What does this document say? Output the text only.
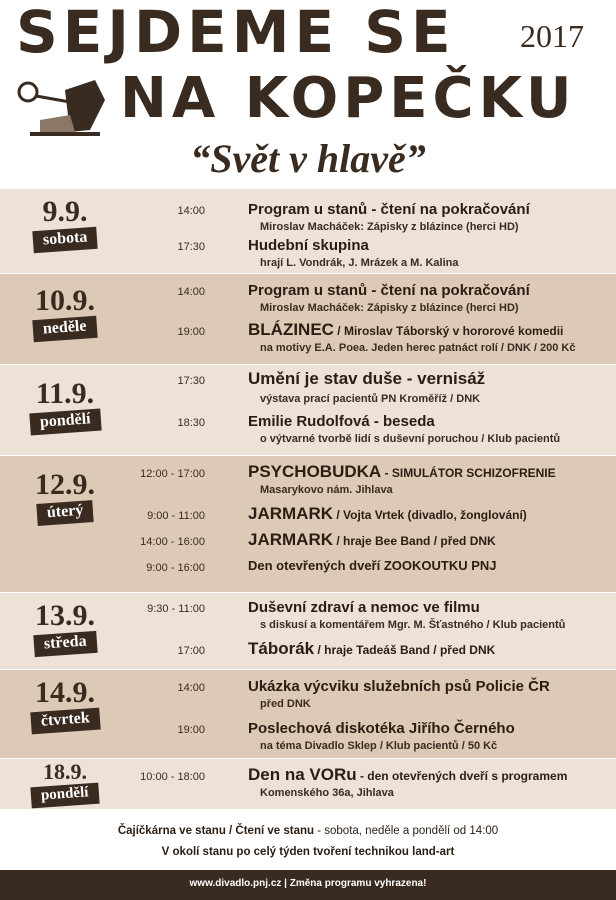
SEJDEME SE 2017
NA KOPEČKU
“Svět v hlavě”
9.9.
sobota
14:00	Program u stanů - čtení na pokračování
Miroslav Macháček: Zápisky z blázince (herci HD)
17:30	Hudební skupina
hrají L. Vondrák, J. Mrázek a M. Kalina
10.9.
neděle
14:00	Program u stanů - čtení na pokračování
Miroslav Macháček: Zápisky z blázince (herci HD)
19:00	BLÁZINEC / Miroslav Táborský v hororové komedii
na motivy E.A. Poea. Jeden herec patnáct rolí / DNK / 200 Kč
11.9.
pondělí
17:30	Umění je stav duše - vernisáž
výstava prací pacientů PN Kroměříž / DNK
18:30	Emilie Rudolfová - beseda
o výtvarné tvorbě lidí s duševní poruchou / Klub pacientů
12.9.
úterý
12:00 - 17:00	PSYCHOBUDKA - SIMULÁTOR SCHIZOFRENIE
Masarykovo nám. Jihlava
9:00 - 11:00	JARMARK / Vojta Vrtek (divadlo, žonglování)
14:00 - 16:00	JARMARK / hraje Bee Band / před DNK
9:00 - 16:00	Den otevřených dveří ZOOKOUTKU PNJ
13.9.
středa
9:30 - 11:00	Duševní zdraví a nemoc ve filmu
s diskusí a komentářem Mgr. M. Šťastného / Klub pacientů
17:00	Táborák / hraje Tadeáš Band / před DNK
14.9.
čtvrtek
14:00	Ukázka výcviku služebních psů Policie ČR
před DNK
19:00	Poslechová diskotéka Jiřího Černého
na téma Divadlo Sklep / Klub pacientů / 50 Kč
18.9.
pondělí
10:00 - 18:00	Den na VORu - den otevřených dveří s programem
Komenského 36a, Jihlava
Čajíčkárna ve stanu / Čtení ve stanu - sobota, neděle a pondělí od 14:00
V okolí stanu po celý týden tvoření technikou land-art
www.divadlo.pnj.cz | Změna programu vyhrazena!
